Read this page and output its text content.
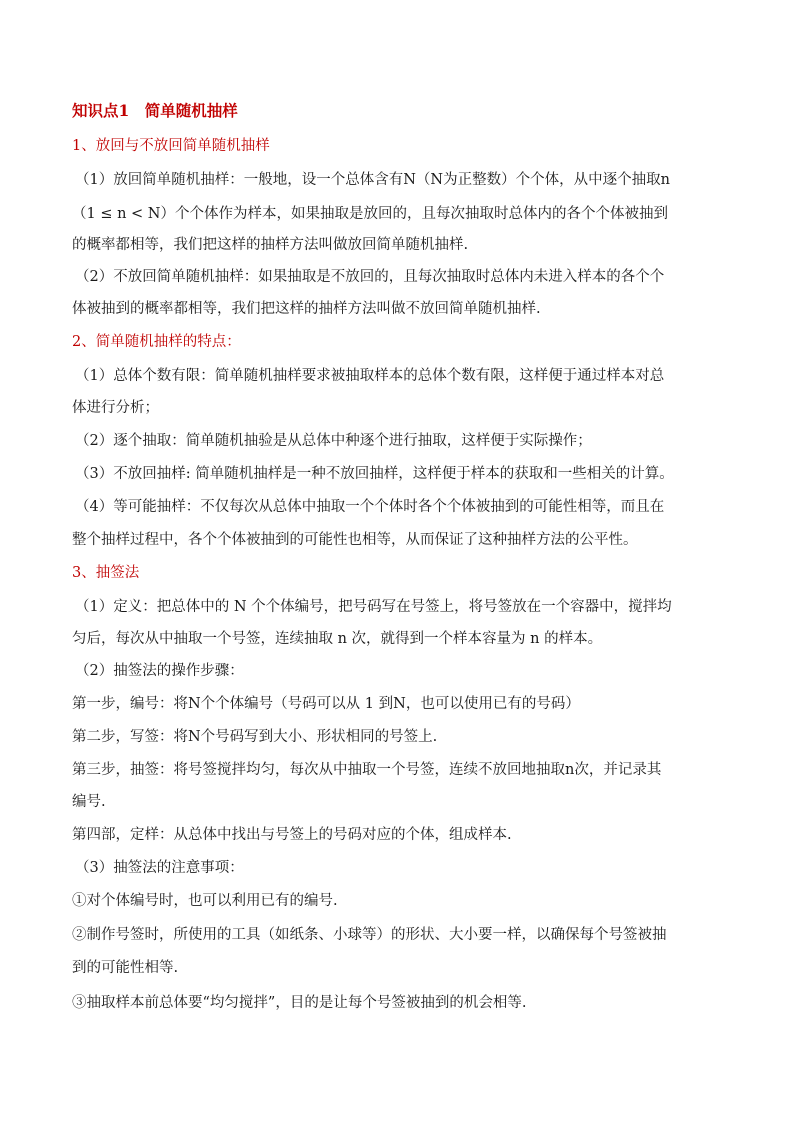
知识点1　简单随机抽样
1、放回与不放回简单随机抽样
（1）放回简单随机抽样：一般地，设一个总体含有N（N为正整数）个个体，从中逐个抽取n
（1 ≤ n < N）个个体作为样本，如果抽取是放回的，且每次抽取时总体内的各个个体被抽到
的概率都相等，我们把这样的抽样方法叫做放回简单随机抽样.
（2）不放回简单随机抽样：如果抽取是不放回的，且每次抽取时总体内未进入样本的各个个
体被抽到的概率都相等，我们把这样的抽样方法叫做不放回简单随机抽样.
2、简单随机抽样的特点：
（1）总体个数有限：简单随机抽样要求被抽取样本的总体个数有限，这样便于通过样本对总
体进行分析；
（2）逐个抽取：简单随机抽验是从总体中种逐个进行抽取，这样便于实际操作；
（3）不放回抽样: 简单随机抽样是一种不放回抽样，这样便于样本的获取和一些相关的计算。
（4）等可能抽样：不仅每次从总体中抽取一个个体时各个个体被抽到的可能性相等，而且在
整个抽样过程中，各个个体被抽到的可能性也相等，从而保证了这种抽样方法的公平性。
3、抽签法
（1）定义：把总体中的 N 个个体编号，把号码写在号签上，将号签放在一个容器中，搅拌均
匀后，每次从中抽取一个号签，连续抽取 n 次，就得到一个样本容量为 n 的样本。
（2）抽签法的操作步骤：
第一步，编号：将N个个体编号（号码可以从 1 到N，也可以使用已有的号码）
第二步，写签：将N个号码写到大小、形状相同的号签上.
第三步，抽签：将号签搅拌均匀，每次从中抽取一个号签，连续不放回地抽取n次，并记录其
编号.
第四部，定样：从总体中找出与号签上的号码对应的个体，组成样本.
（3）抽签法的注意事项：
①对个体编号时，也可以利用已有的编号.
②制作号签时，所使用的工具（如纸条、小球等）的形状、大小要一样，以确保每个号签被抽
到的可能性相等.
③抽取样本前总体要“均匀搅拌”，目的是让每个号签被抽到的机会相等.
